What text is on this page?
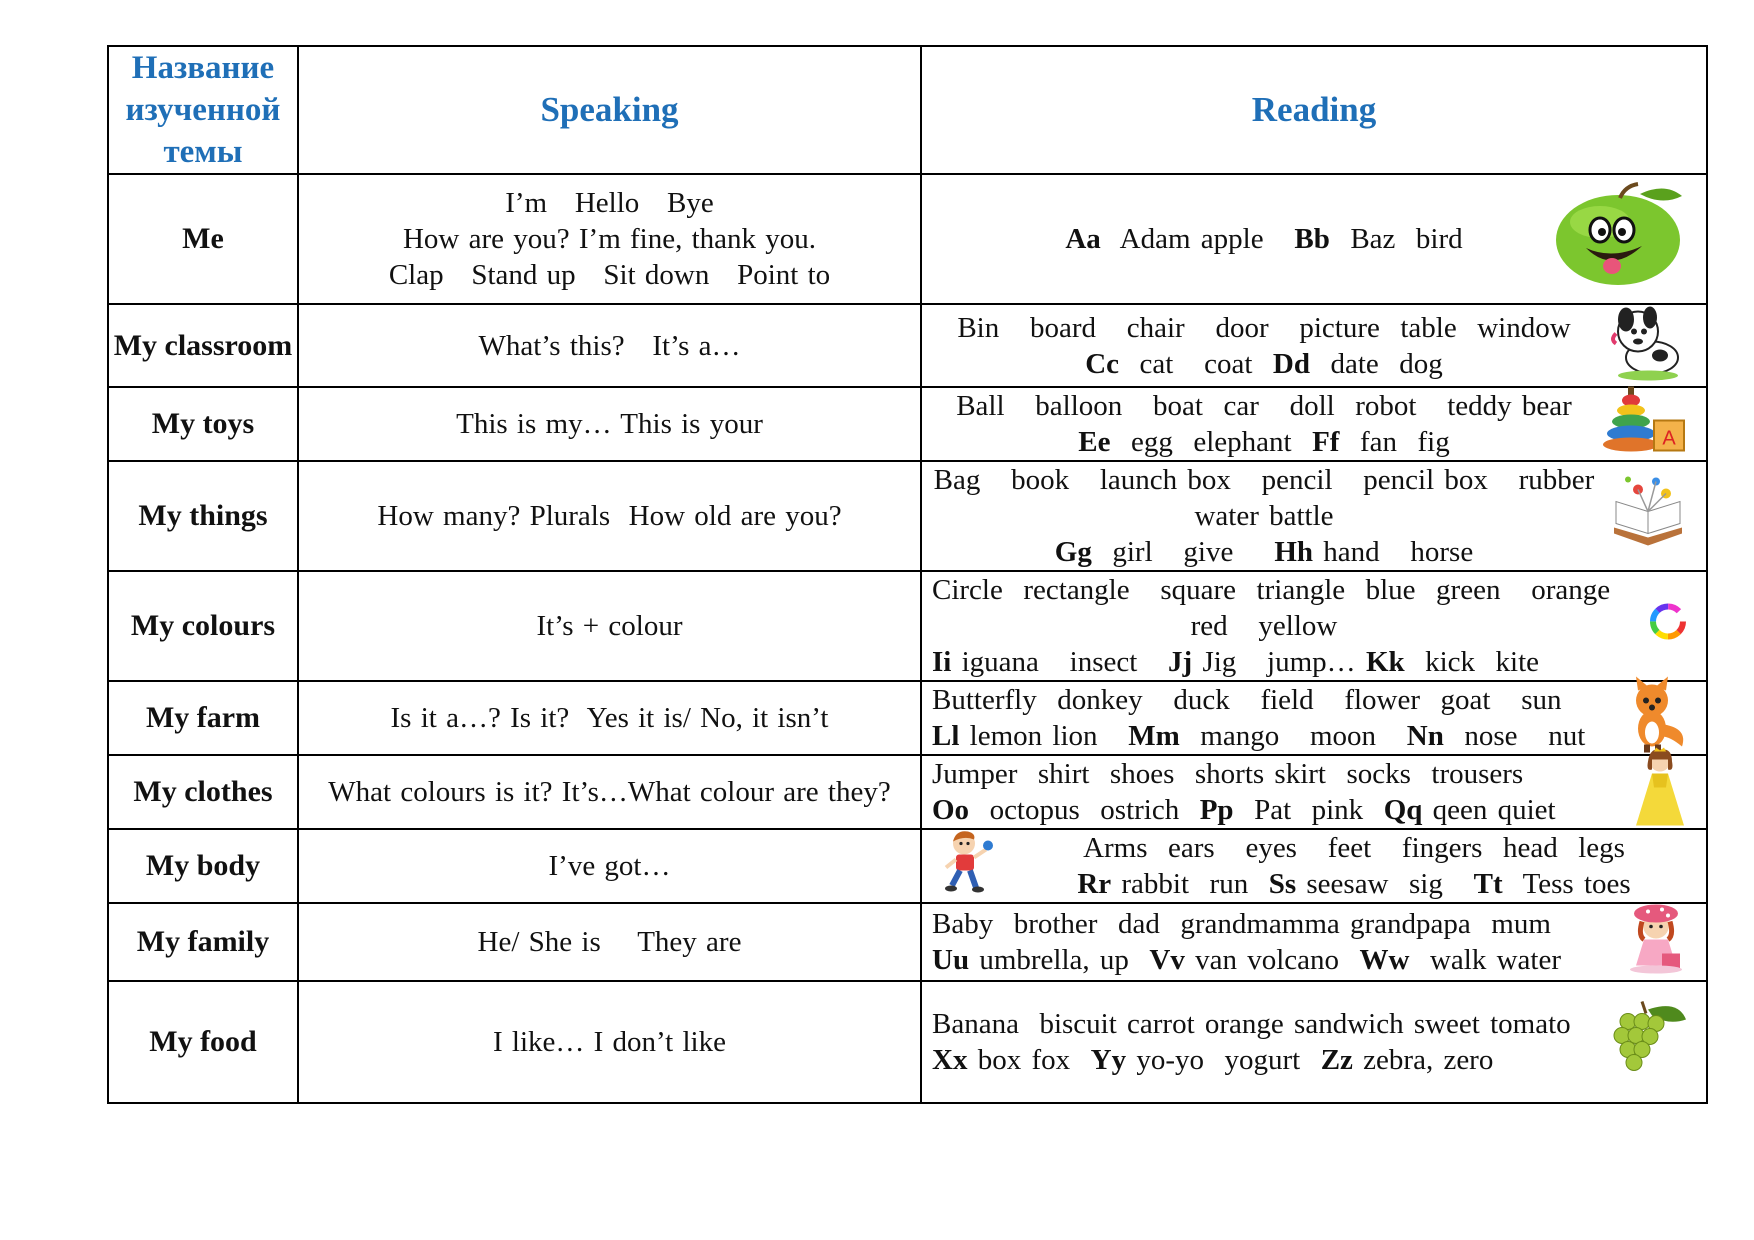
Название изученной темы	Speaking	Reading
Me	I’m   Hello   Bye
How are you? I’m fine, thank you.
Clap   Stand up   Sit down   Point to	Aa  Adam apple   Bb  Baz  bird

My classroom	What’s this?   It’s a…	Bin   board   chair   door   picture  table  window
Cc  cat   coat  Dd  date  dog

My toys	This is my… This is your	Ball   balloon   boat  car   doll  robot   teddy bear
Ee  egg  elephant  Ff  fan  fig A

My things	How many? Plurals  How old are you?	Bag   book   launch box   pencil   pencil box   rubber
water battle
Gg  girl   give    Hh hand   horse

My colours	It’s + colour	Circle  rectangle   square  triangle  blue  green   orange
red   yellow
Ii iguana   insect   Jj Jig   jump… Kk  kick  kite

My farm	Is it a…? Is it?  Yes it is/ No, it isn’t	Butterfly  donkey   duck   field   flower  goat   sun
Ll lemon lion   Mm  mango   moon   Nn  nose   nut

My clothes	What colours is it? It’s…What colour are they?	Jumper  shirt  shoes  shorts skirt  socks  trousers
Oo  octopus  ostrich  Pp  Pat  pink  Qq qeen quiet

My body	I’ve got…	Arms  ears   eyes   feet   fingers  head  legs
Rr rabbit  run  Ss seesaw  sig   Tt  Tess toes

My family	He/ She is    They are	Baby  brother  dad  grandmamma grandpapa  mum
Uu umbrella, up  Vv van volcano  Ww  walk water

My food	I like… I don’t like	Banana  biscuit carrot orange sandwich sweet tomato
Xx box fox  Yy yo-yo  yogurt  Zz zebra, zero
